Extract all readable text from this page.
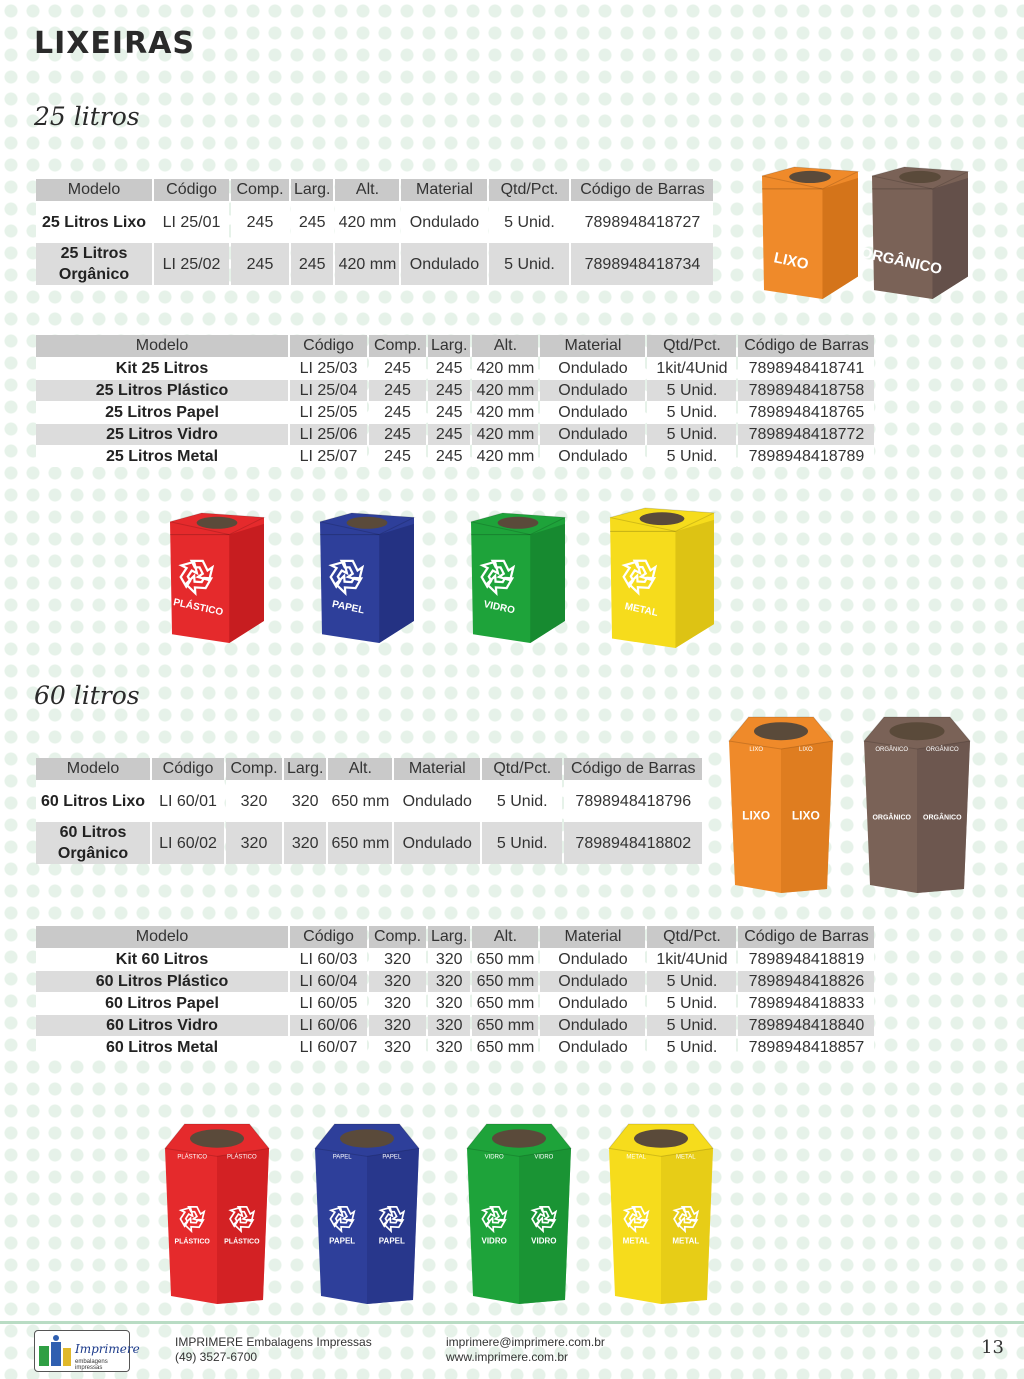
LIXEIRAS
25 litros
Modelo	Código	Comp.	Larg.	Alt.	Material	Qtd/Pct.	Código de Barras
25 Litros Lixo	LI 25/01	245	245	420 mm	Ondulado	5 Unid.	7898948418727
25 Litros Orgânico	LI 25/02	245	245	420 mm	Ondulado	5 Unid.	7898948418734
Modelo	Código	Comp.	Larg.	Alt.	Material	Qtd/Pct.	Código de Barras
Kit 25 Litros	LI 25/03	245	245	420 mm	Ondulado	1kit/4Unid	7898948418741
25 Litros Plástico	LI 25/04	245	245	420 mm	Ondulado	5 Unid.	7898948418758
25 Litros Papel	LI 25/05	245	245	420 mm	Ondulado	5 Unid.	7898948418765
25 Litros Vidro	LI 25/06	245	245	420 mm	Ondulado	5 Unid.	7898948418772
25 Litros Metal	LI 25/07	245	245	420 mm	Ondulado	5 Unid.	7898948418789
60 litros
Modelo	Código	Comp.	Larg.	Alt.	Material	Qtd/Pct.	Código de Barras
60 Litros Lixo	LI 60/01	320	320	650 mm	Ondulado	5 Unid.	7898948418796
60 Litros Orgânico	LI 60/02	320	320	650 mm	Ondulado	5 Unid.	7898948418802
Modelo	Código	Comp.	Larg.	Alt.	Material	Qtd/Pct.	Código de Barras
Kit 60 Litros	LI 60/03	320	320	650 mm	Ondulado	1kit/4Unid	7898948418819
60 Litros Plástico	LI 60/04	320	320	650 mm	Ondulado	5 Unid.	7898948418826
60 Litros Papel	LI 60/05	320	320	650 mm	Ondulado	5 Unid.	7898948418833
60 Litros Vidro	LI 60/06	320	320	650 mm	Ondulado	5 Unid.	7898948418840
60 Litros Metal	LI 60/07	320	320	650 mm	Ondulado	5 Unid.	7898948418857
LIXO	ORGÂNICO
PLÁSTICO	PAPEL	VIDRO	METAL
LIXO
LIXO
LIXO
LIXO
ORGÂNICO
ORGÂNICO
ORGÂNICO
ORGÂNICO
PLÁSTICO
PLÁSTICO
PLÁSTICO
PLÁSTICO
PAPEL
PAPEL
PAPEL
PAPEL
VIDRO
VIDRO
VIDRO
VIDRO
METAL
METAL
METAL
METAL
Imprimere
embalagens impressas
IMPRIMERE Embalagens Impressas
(49) 3527-6700
imprimere@imprimere.com.br
www.imprimere.com.br	13
